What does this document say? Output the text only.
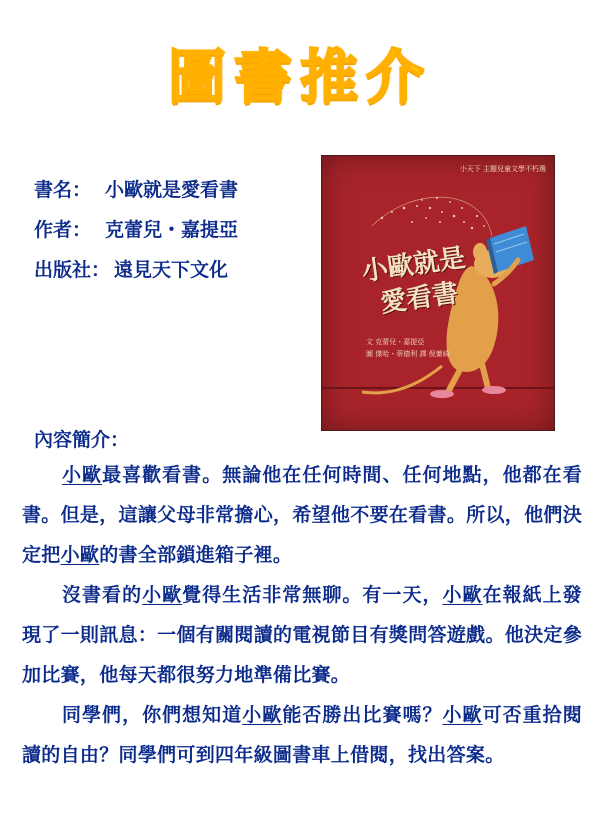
圖書推介
書名： 小歐就是愛看書
作者： 克蕾兒・嘉提亞
出版社： 遠見天下文化
小天下 主題兒童文學不朽選
小歐就是
愛看書
文 克蕾兒・嘉提亞
圖 傑哈・蒂德利 譯 倪蓁綺
內容簡介：

小歐最喜歡看書。無論他在任何時間、任何地點，他都在看書。但是，這讓父母非常擔心，希望他不要在看書。所以，他們決定把小歐的書全部鎖進箱子裡。

沒書看的小歐覺得生活非常無聊。有一天，小歐在報紙上發現了一則訊息：一個有關閱讀的電視節目有獎問答遊戲。他決定參加比賽，他每天都很努力地準備比賽。

同學們，你們想知道小歐能否勝出比賽嗎？小歐可否重拾閱讀的自由？同學們可到四年級圖書車上借閱，找出答案。
